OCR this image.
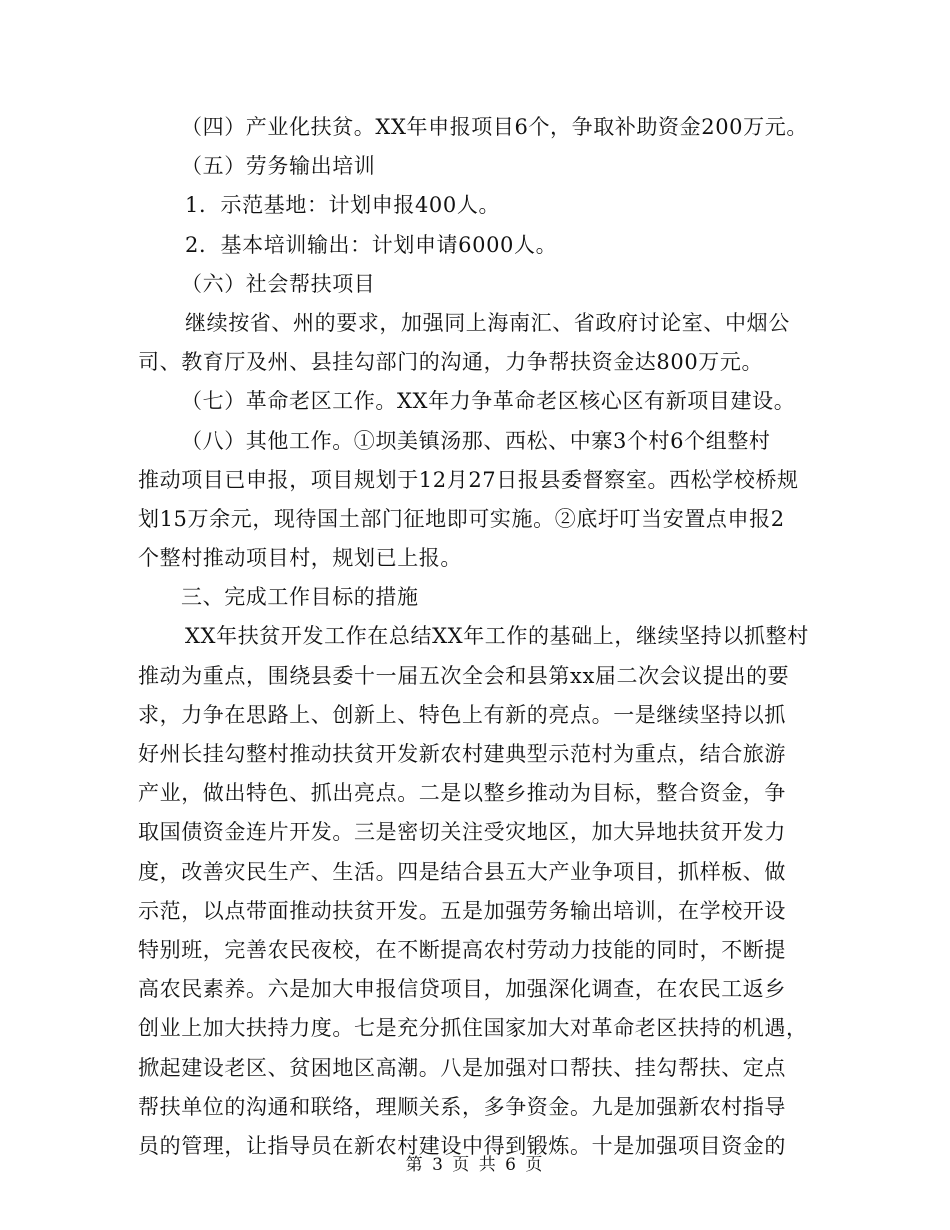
（四）产业化扶贫。XX年申报项目6个，争取补助资金200万元。
（五）劳务输出培训
1．示范基地：计划申报400人。
2．基本培训输出：计划申请6000人。
（六）社会帮扶项目
继续按省、州的要求，加强同上海南汇、省政府讨论室、中烟公
司、教育厅及州、县挂勾部门的沟通，力争帮扶资金达800万元。
（七）革命老区工作。XX年力争革命老区核心区有新项目建设。
（八）其他工作。①坝美镇汤那、西松、中寨3个村6个组整村
推动项目已申报，项目规划于12月27日报县委督察室。西松学校桥规
划15万余元，现待国土部门征地即可实施。②底圩叮当安置点申报2
个整村推动项目村，规划已上报。
三、完成工作目标的措施
XX年扶贫开发工作在总结XX年工作的基础上，继续坚持以抓整村
推动为重点，围绕县委十一届五次全会和县第xx届二次会议提出的要
求，力争在思路上、创新上、特色上有新的亮点。一是继续坚持以抓
好州长挂勾整村推动扶贫开发新农村建典型示范村为重点，结合旅游
产业，做出特色、抓出亮点。二是以整乡推动为目标，整合资金，争
取国债资金连片开发。三是密切关注受灾地区，加大异地扶贫开发力
度，改善灾民生产、生活。四是结合县五大产业争项目，抓样板、做
示范，以点带面推动扶贫开发。五是加强劳务输出培训，在学校开设
特别班，完善农民夜校，在不断提高农村劳动力技能的同时，不断提
高农民素养。六是加大申报信贷项目，加强深化调查，在农民工返乡
创业上加大扶持力度。七是充分抓住国家加大对革命老区扶持的机遇，
掀起建设老区、贫困地区高潮。八是加强对口帮扶、挂勾帮扶、定点
帮扶单位的沟通和联络，理顺关系，多争资金。九是加强新农村指导
员的管理，让指导员在新农村建设中得到锻炼。十是加强项目资金的
第 3 页 共 6 页
